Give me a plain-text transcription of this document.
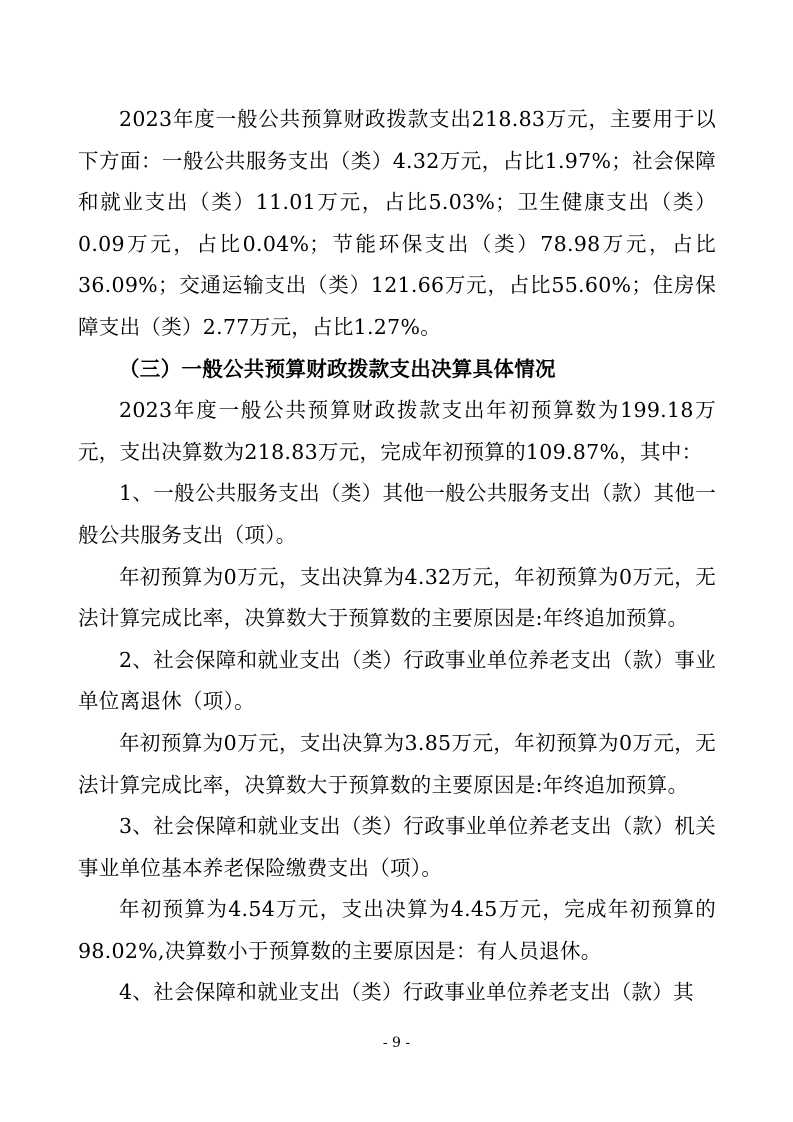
2023年度一般公共预算财政拨款支出218.83万元，主要用于以下方面：一般公共服务支出（类）4.32万元，占比1.97%；社会保障和就业支出（类）11.01万元，占比5.03%；卫生健康支出（类）0.09万元，占比0.04%；节能环保支出（类）78.98万元，占比36.09%；交通运输支出（类）121.66万元，占比55.60%；住房保障支出（类）2.77万元，占比1.27%。

（三）一般公共预算财政拨款支出决算具体情况

2023年度一般公共预算财政拨款支出年初预算数为199.18万元，支出决算数为218.83万元，完成年初预算的109.87%，其中：

1、一般公共服务支出（类）其他一般公共服务支出（款）其他一般公共服务支出（项）。

年初预算为0万元，支出决算为4.32万元，年初预算为0万元，无法计算完成比率，决算数大于预算数的主要原因是:年终追加预算。

2、社会保障和就业支出（类）行政事业单位养老支出（款）事业单位离退休（项）。

年初预算为0万元，支出决算为3.85万元，年初预算为0万元，无法计算完成比率，决算数大于预算数的主要原因是:年终追加预算。

3、社会保障和就业支出（类）行政事业单位养老支出（款）机关事业单位基本养老保险缴费支出（项）。

年初预算为4.54万元，支出决算为4.45万元，完成年初预算的98.02%,决算数小于预算数的主要原因是：有人员退休。

4、社会保障和就业支出（类）行政事业单位养老支出（款）其

- 9 -
